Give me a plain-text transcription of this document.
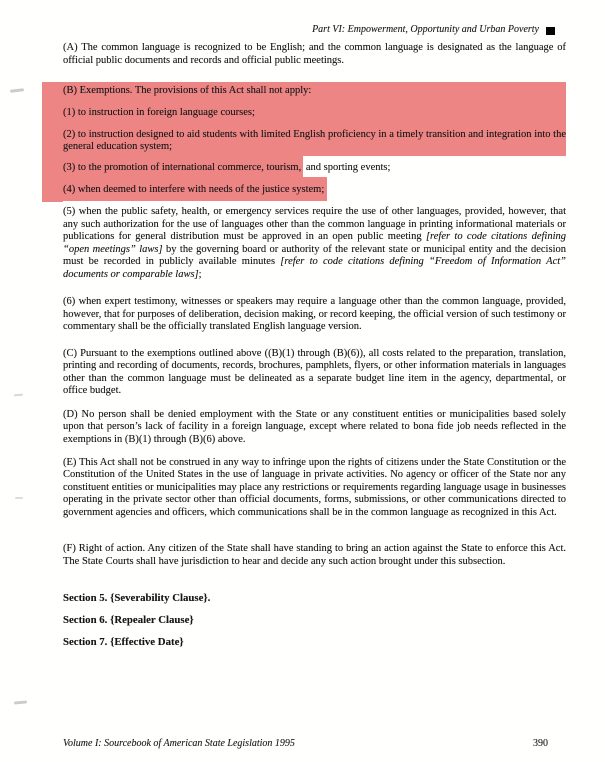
Part VI: Empowerment, Opportunity and Urban Poverty
(A) The common language is recognized to be English; and the common language is designated as the language of official public documents and records and official public meetings.
(B) Exemptions. The provisions of this Act shall not apply:
(1) to instruction in foreign language courses;
(2) to instruction designed to aid students with limited English proficiency in a timely transition and integration into the general education system;
(3) to the promotion of international commerce, tourism, and sporting events;
(4) when deemed to interfere with needs of the justice system;
(5) when the public safety, health, or emergency services require the use of other languages, provided, however, that any such authorization for the use of languages other than the common language in printing informational materials or publications for general distribution must be approved in an open public meeting [refer to code citations defining “open meetings” laws] by the governing board or authority of the relevant state or municipal entity and the decision must be recorded in publicly available minutes [refer to code citations defining “Freedom of Information Act” documents or comparable laws];
(6) when expert testimony, witnesses or speakers may require a language other than the common language, provided, however, that for purposes of deliberation, decision making, or record keeping, the official version of such testimony or commentary shall be the officially translated English language version.
(C) Pursuant to the exemptions outlined above ((B)(1) through (B)(6)), all costs related to the preparation, translation, printing and recording of documents, records, brochures, pamphlets, flyers, or other information materials in languages other than the common language must be delineated as a separate budget line item in the agency, departmental, or office budget.
(D) No person shall be denied employment with the State or any constituent entities or municipalities based solely upon that person’s lack of facility in a foreign language, except where related to bona fide job needs reflected in the exemptions in (B)(1) through (B)(6) above.
(E) This Act shall not be construed in any way to infringe upon the rights of citizens under the State Constitution or the Constitution of the United States in the use of language in private activities. No agency or officer of the State nor any constituent entities or municipalities may place any restrictions or requirements regarding language usage in businesses operating in the private sector other than official documents, forms, submissions, or other communications directed to government agencies and officers, which communications shall be in the common language as recognized in this Act.
(F) Right of action. Any citizen of the State shall have standing to bring an action against the State to enforce this Act. The State Courts shall have jurisdiction to hear and decide any such action brought under this subsection.
Section 5. {Severability Clause}.
Section 6. {Repealer Clause}
Section 7. {Effective Date}
Volume I: Sourcebook of American State Legislation 1995	390
